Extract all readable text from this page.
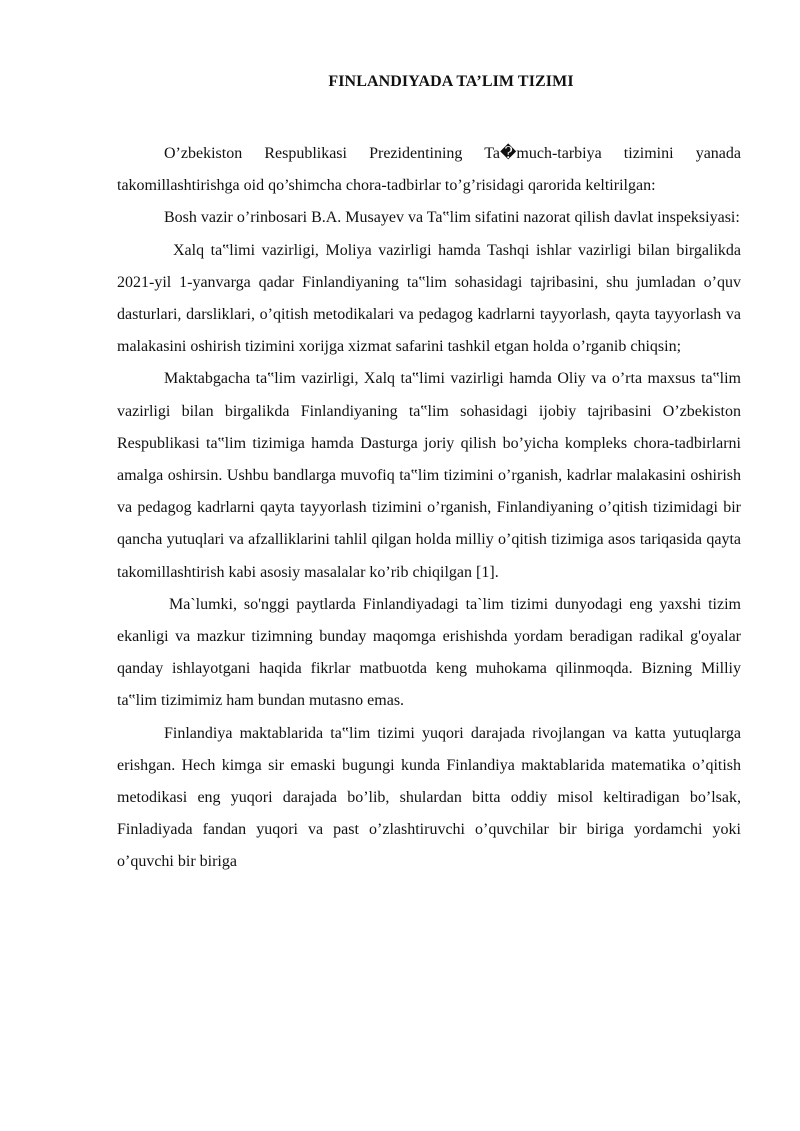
FINLANDIYADA TA’LIM TIZIMI

O’zbekiston Respublikasi Prezidentining Ta�much-tarbiya tizimini yanada takomillashtirishga oid qo’shimcha chora-tadbirlar to’g’risidagi qarorida keltirilgan:

Bosh vazir o’rinbosari B.A. Musayev va Ta‟lim sifatini nazorat qilish davlat inspeksiyasi:

Xalq ta‟limi vazirligi, Moliya vazirligi hamda Tashqi ishlar vazirligi bilan birgalikda 2021-yil 1-yanvarga qadar Finlandiyaning ta‟lim sohasidagi tajribasini, shu jumladan o’quv dasturlari, darsliklari, o’qitish metodikalari va pedagog kadrlarni tayyorlash, qayta tayyorlash va malakasini oshirish tizimini xorijga xizmat safarini tashkil etgan holda o’rganib chiqsin;

Maktabgacha ta‟lim vazirligi, Xalq ta‟limi vazirligi hamda Oliy va o’rta maxsus ta‟lim vazirligi bilan birgalikda Finlandiyaning ta‟lim sohasidagi ijobiy tajribasini O’zbekiston Respublikasi ta‟lim tizimiga hamda Dasturga joriy qilish bo’yicha kompleks chora-tadbirlarni amalga oshirsin. Ushbu bandlarga muvofiq ta‟lim tizimini o’rganish, kadrlar malakasini oshirish va pedagog kadrlarni qayta tayyorlash tizimini o’rganish, Finlandiyaning o’qitish tizimidagi bir qancha yutuqlari va afzalliklarini tahlil qilgan holda milliy o’qitish tizimiga asos tariqasida qayta takomillashtirish kabi asosiy masalalar ko’rib chiqilgan [1].

Ma`lumki, so'nggi paytlarda Finlandiyadagi ta`lim tizimi dunyodagi eng yaxshi tizim ekanligi va mazkur tizimning bunday maqomga erishishda yordam beradigan radikal g'oyalar qanday ishlayotgani haqida fikrlar matbuotda keng muhokama qilinmoqda. Bizning Milliy ta‟lim tizimimiz ham bundan mutasno emas.

Finlandiya maktablarida ta‟lim tizimi yuqori darajada rivojlangan va katta yutuqlarga erishgan. Hech kimga sir emaski bugungi kunda Finlandiya maktablarida matematika o’qitish metodikasi eng yuqori darajada bo’lib, shulardan bitta oddiy misol keltiradigan bo’lsak, Finladiyada fandan yuqori va past o’zlashtiruvchi o’quvchilar bir biriga yordamchi yoki o’quvchi bir biriga
